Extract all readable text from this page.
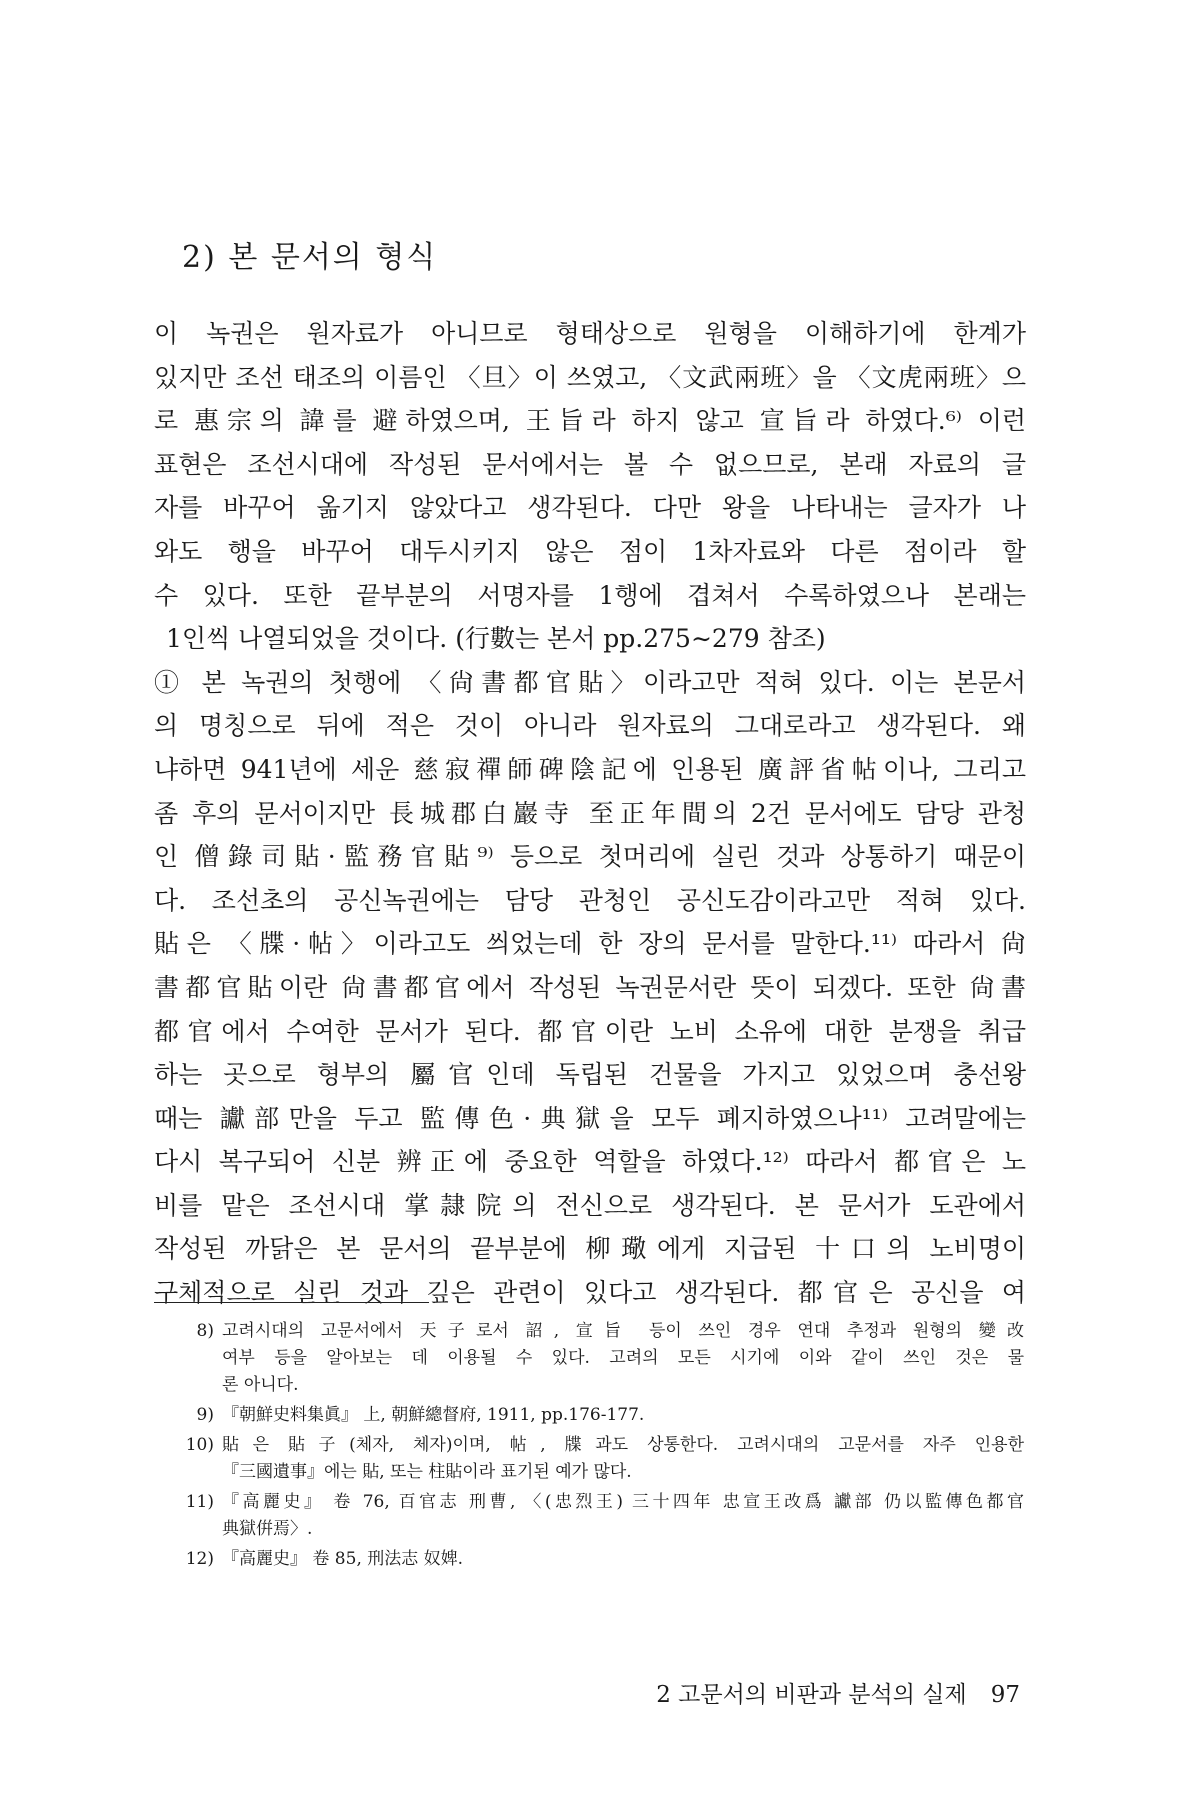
2) 본 문서의 형식
이 녹권은 원자료가 아니므로 형태상으로 원형을 이해하기에 한계가
있지만 조선 태조의 이름인 〈旦〉이 쓰였고, 〈文武兩班〉을 〈文虎兩班〉으
로 惠宗의 諱를 避하였으며, 王旨라 하지 않고 宣旨라 하였다.⁶⁾ 이런
표현은 조선시대에 작성된 문서에서는 볼 수 없으므로, 본래 자료의 글
자를 바꾸어 옮기지 않았다고 생각된다. 다만 왕을 나타내는 글자가 나
와도 행을 바꾸어 대두시키지 않은 점이 1차자료와 다른 점이라 할
수 있다. 또한 끝부분의 서명자를 1행에 겹쳐서 수록하였으나 본래는
1인씩 나열되었을 것이다. (行數는 본서 pp.275∼279 참조)
① 본 녹권의 첫행에 〈尙書都官貼〉이라고만 적혀 있다. 이는 본문서
의 명칭으로 뒤에 적은 것이 아니라 원자료의 그대로라고 생각된다. 왜
냐하면 941년에 세운 慈寂禪師碑陰記에 인용된 廣評省帖이나, 그리고
좀 후의 문서이지만 長城郡白巖寺 至正年間의 2건 문서에도 담당 관청
인 僧錄司貼·監務官貼⁹⁾ 등으로 첫머리에 실린 것과 상통하기 때문이
다. 조선초의 공신녹권에는 담당 관청인 공신도감이라고만 적혀 있다.
貼은 〈牒·帖〉이라고도 씌었는데 한 장의 문서를 말한다.¹¹⁾ 따라서 尙
書都官貼이란 尙書都官에서 작성된 녹권문서란 뜻이 되겠다. 또한 尙書
都官에서 수여한 문서가 된다. 都官이란 노비 소유에 대한 분쟁을 취급
하는 곳으로 형부의 屬官인데 독립된 건물을 가지고 있었으며 충선왕
때는 讞部만을 두고 監傳色·典獄을 모두 폐지하였으나¹¹⁾ 고려말에는
다시 복구되어 신분 辨正에 중요한 역할을 하였다.¹²⁾ 따라서 都官은 노
비를 맡은 조선시대 掌隷院의 전신으로 생각된다. 본 문서가 도관에서
작성된 까닭은 본 문서의 끝부분에 柳璥에게 지급된 十口의 노비명이
구체적으로 실린 것과 깊은 관련이 있다고 생각된다. 都官은 공신을 여
8) 고려시대의 고문서에서 天子로서 詔, 宣旨 등이 쓰인 경우 연대 추정과 원형의 變改
여부 등을 알아보는 데 이용될 수 있다. 고려의 모든 시기에 이와 같이 쓰인 것은 물
론 아니다.
9) 『朝鮮史料集眞』 上, 朝鮮總督府, 1911, pp.176-177.
10) 貼은 貼子(체자, 체자)이며, 帖, 牒과도 상통한다. 고려시대의 고문서를 자주 인용한
『三國遺事』에는 貼, 또는 柱貼이라 표기된 예가 많다.
11) 『高麗史』 卷 76, 百官志 刑曹, 〈(忠烈王) 三十四年 忠宣王改爲 讞部 仍以監傳色都官
典獄倂焉〉.
12) 『高麗史』 卷 85, 刑法志 奴婢.
2 고문서의 비판과 분석의 실제 97
